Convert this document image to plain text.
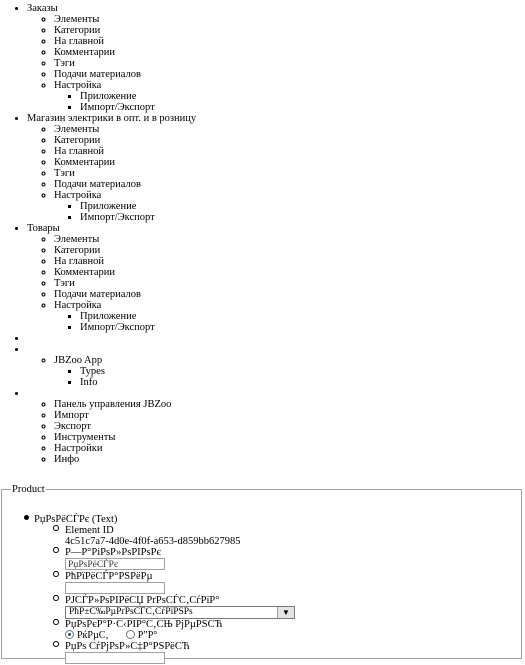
• Заказы
◦ Элементы
◦ Категории
◦ На главной
◦ Комментарии
◦ Тэги
◦ Подачи материалов
◦ Настройка
▪ Приложение
▪ Импорт/Экспорт
• Магазин электрики в опт. и в розницу
◦ Элементы
◦ Категории
◦ На главной
◦ Комментарии
◦ Тэги
◦ Подачи материалов
◦ Настройка
▪ Приложение
▪ Импорт/Экспорт
• Товары
◦ Элементы
◦ Категории
◦ На главной
◦ Комментарии
◦ Тэги
◦ Подачи материалов
◦ Настройка
▪ Приложение
▪ Импорт/Экспорт
•

◦ • JBZoo App
▪ Types
▪ Info

◦ • Панель управления JBZoo
◦ Импорт
◦ Экспорт
◦ Инструменты
◦ Настройки
◦ Инфо
Product
РџРѕРёСЃРє (Text)
Element ID
4c51c7a7-4d0e-4f0f-a653-d859bb627985
Р—Р°РіРѕР»РѕРІРѕРє
РџРѕРёСЃРє
РћРїРёСЃР°РЅРёРµ
РЈСЃР»РѕРІРёСЏ РґРѕСЃС‚СѓРїР°
РћР±С‰РµРґРѕСЃС‚СѓРїРЅРѕ	▼
РџРѕРєР°Р·С‹РІР°С‚СЊ РјРµРЅСЋ
РќРµС‚	Р”Р°
РџРѕ СѓРјРѕР»С‡Р°РЅРёСЋ
